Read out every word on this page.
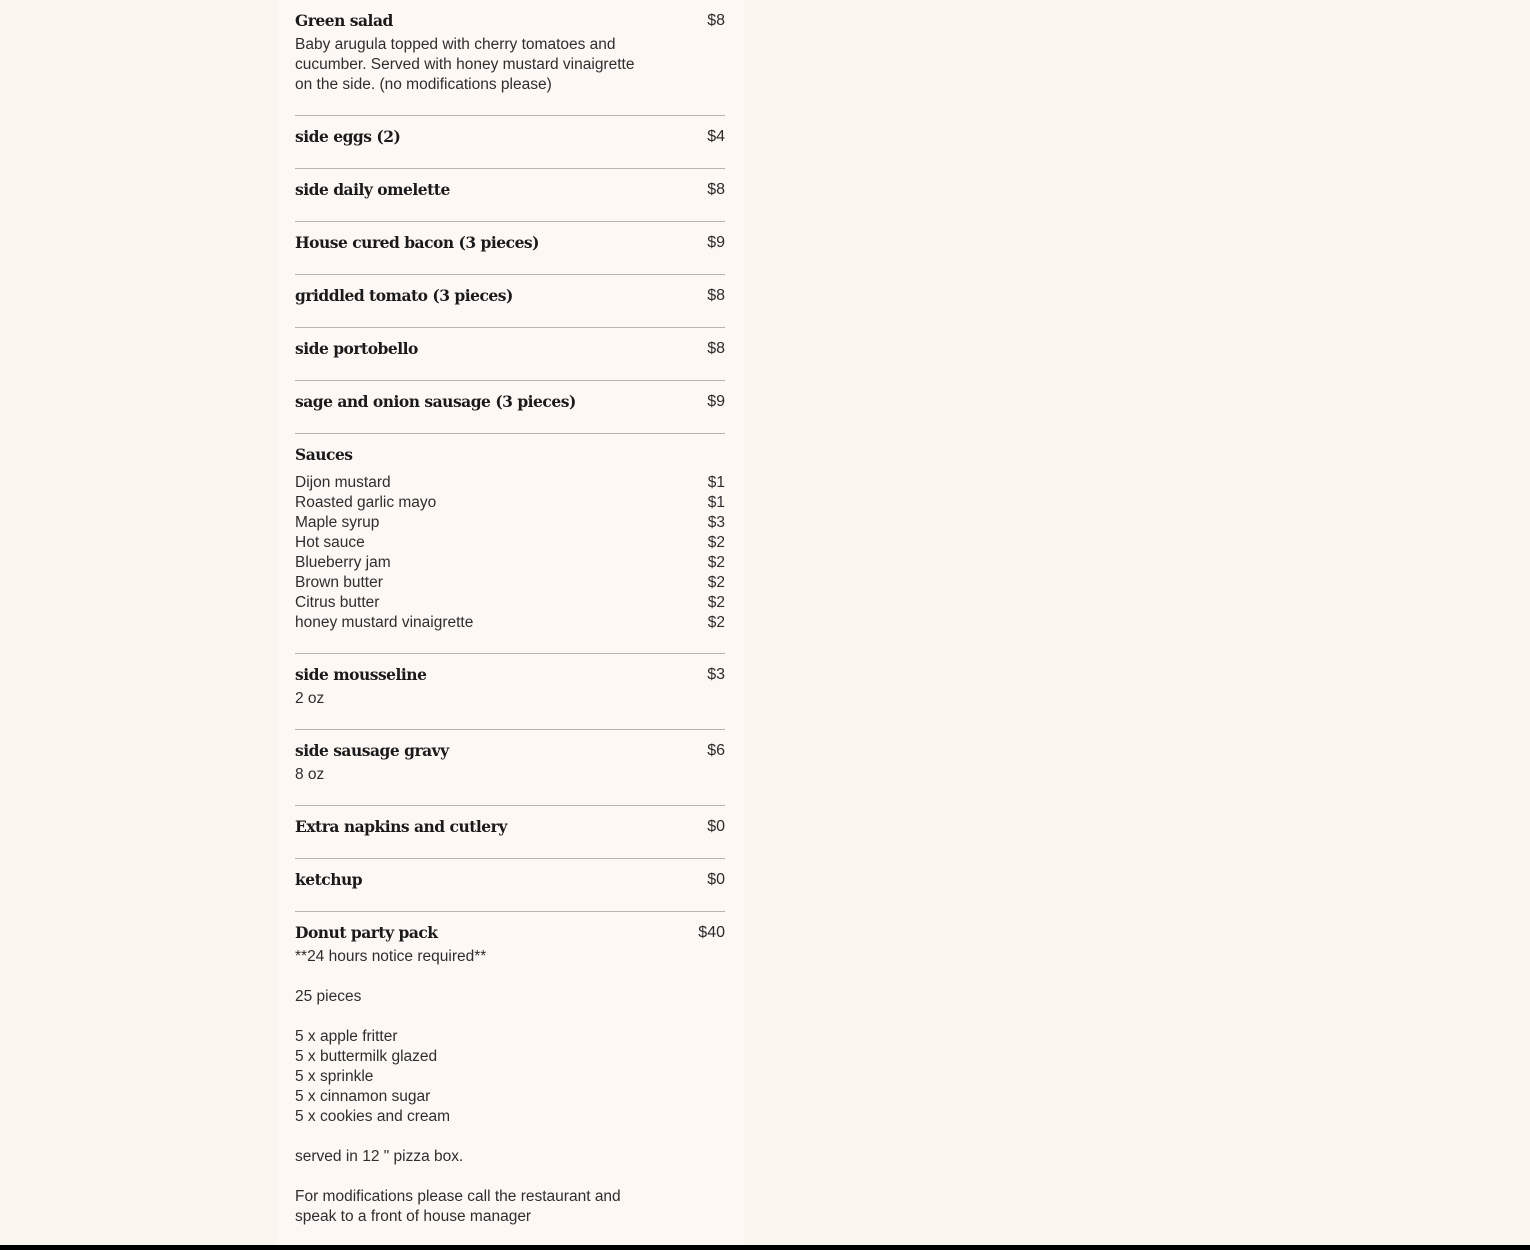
Green salad	$8
Baby arugula topped with cherry tomatoes and cucumber. Served with honey mustard vinaigrette on the side. (no modifications please)
side eggs (2)	$4
side daily omelette	$8
House cured bacon (3 pieces)	$9
griddled tomato (3 pieces)	$8
side portobello	$8
sage and onion sausage (3 pieces)	$9
Sauces
Dijon mustard	$1
Roasted garlic mayo	$1
Maple syrup	$3
Hot sauce	$2
Blueberry jam	$2
Brown butter	$2
Citrus butter	$2
honey mustard vinaigrette	$2
side mousseline	$3
2 oz
side sausage gravy	$6
8 oz
Extra napkins and cutlery	$0
ketchup	$0
Donut party pack	$40
**24 hours notice required**

25 pieces

5 x apple fritter
5 x buttermilk glazed
5 x sprinkle
5 x cinnamon sugar
5 x cookies and cream

served in 12 " pizza box.

For modifications please call the restaurant and speak to a front of house manager
